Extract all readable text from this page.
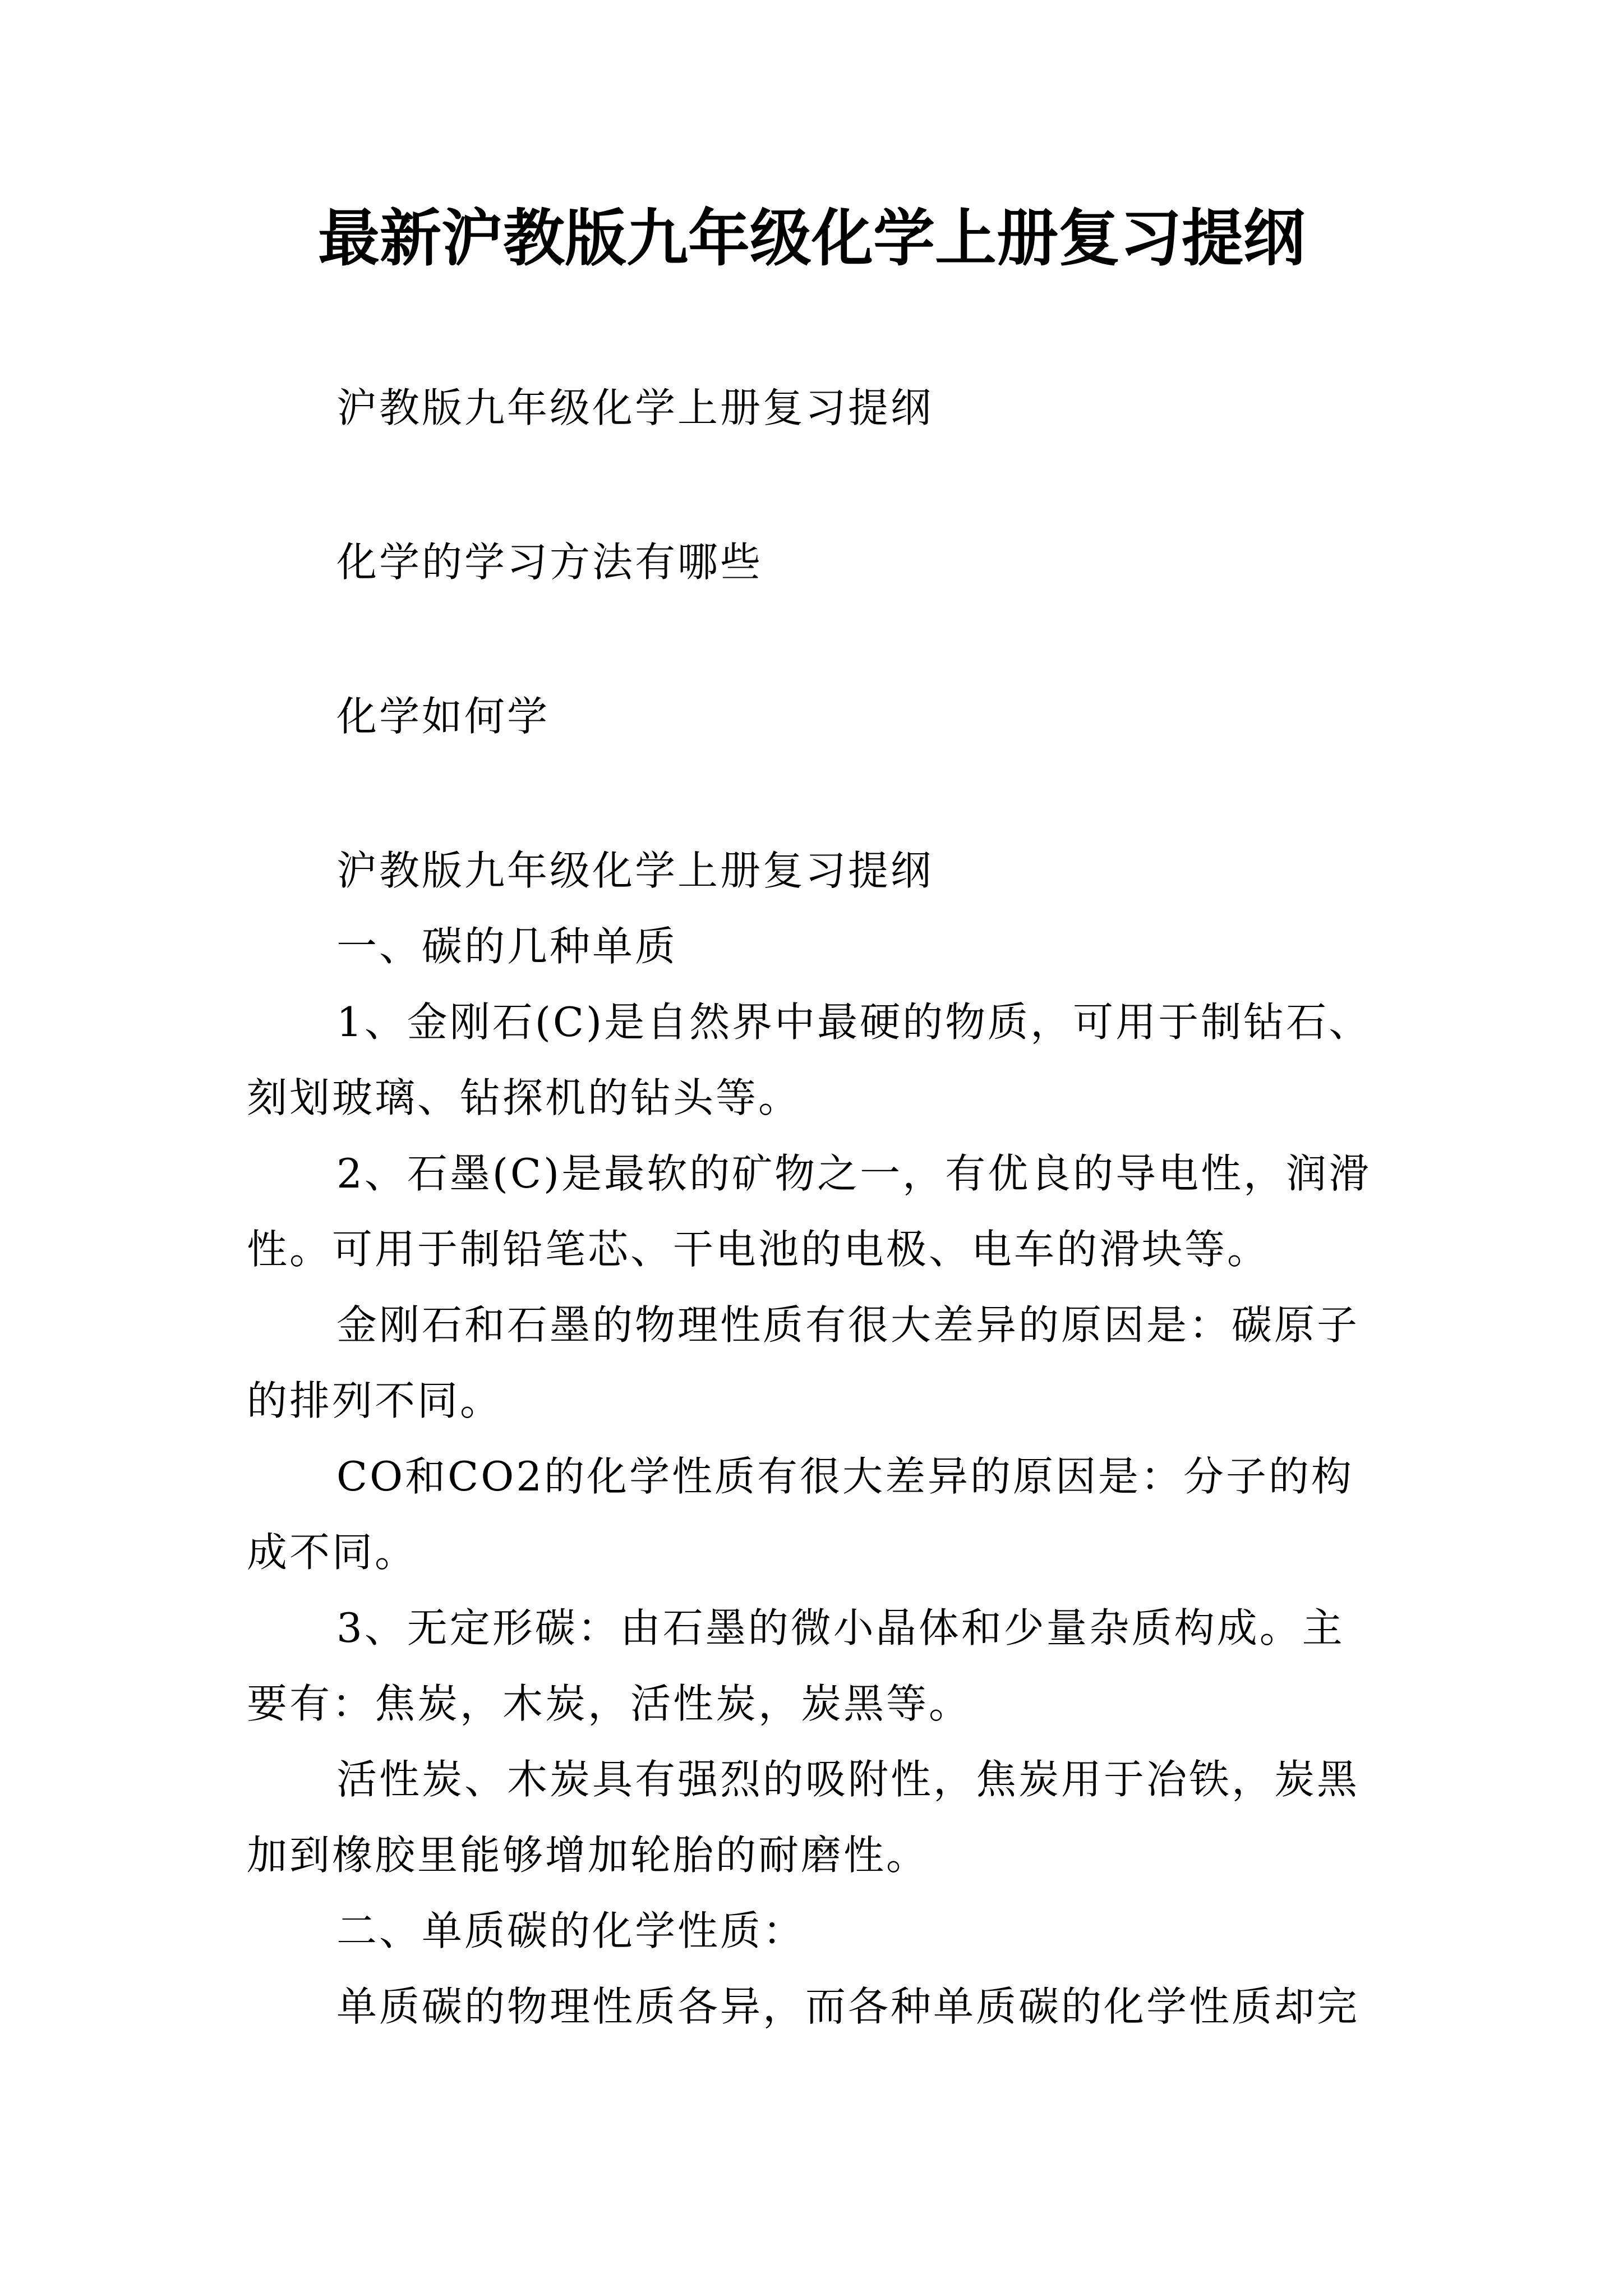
最新沪教版九年级化学上册复习提纲

沪教版九年级化学上册复习提纲

化学的学习方法有哪些

化学如何学

沪教版九年级化学上册复习提纲

一、碳的几种单质

1、金刚石(C)是自然界中最硬的物质，可用于制钻石、刻划玻璃、钻探机的钻头等。

2、石墨(C)是最软的矿物之一，有优良的导电性，润滑性。可用于制铅笔芯、干电池的电极、电车的滑块等。

金刚石和石墨的物理性质有很大差异的原因是：碳原子的排列不同。

CO和CO2的化学性质有很大差异的原因是：分子的构成不同。

3、无定形碳：由石墨的微小晶体和少量杂质构成。主要有：焦炭，木炭，活性炭，炭黑等。

活性炭、木炭具有强烈的吸附性，焦炭用于冶铁，炭黑加到橡胶里能够增加轮胎的耐磨性。

二、单质碳的化学性质：

单质碳的物理性质各异，而各种单质碳的化学性质却完
